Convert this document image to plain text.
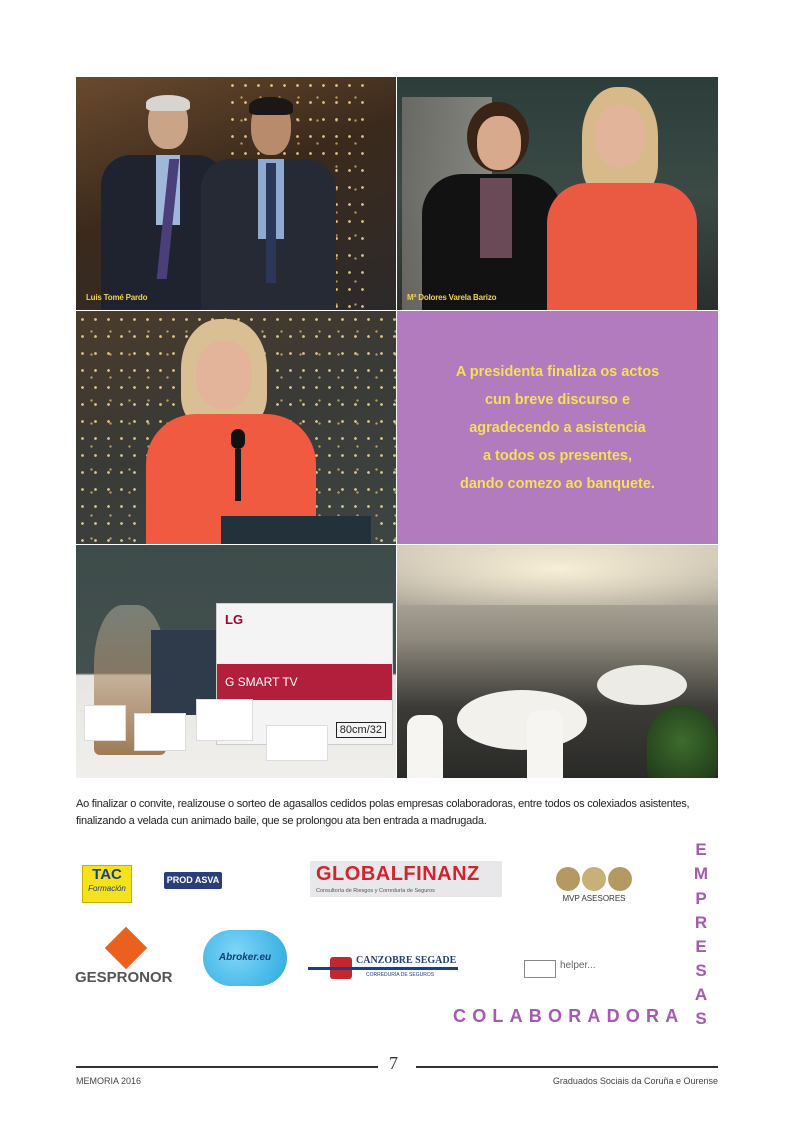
Luis Tomé Pardo	Mª Dolores Varela Barizo
A presidenta finaliza os actos
cun breve discurso e
agradecendo a asistencia
a todos os presentes,
dando comezo ao banquete.
LG
G SMART TV
80cm/32
Ao finalizar o convite, realizouse o sorteo de agasallos cedidos polas empresas colaboradoras, entre todos os colexiados asistentes, finalizando a velada cun animado baile, que se prolongou ata ben entrada a madrugada.
TAC
Formación
PROD ASVA	GLOBALFINANZ
Consultoría de Riesgos y Correduría de Seguros
MVP ASESORES
GESPRONOR
Abroker.eu	CANZOBRE SEGADE
CORREDURÍA DE SEGUROS
helper...
E
M
P
R
E
S
A
S
COLABORADORA
7
MEMORIA 2016	Graduados Sociais da Coruña e Ourense
